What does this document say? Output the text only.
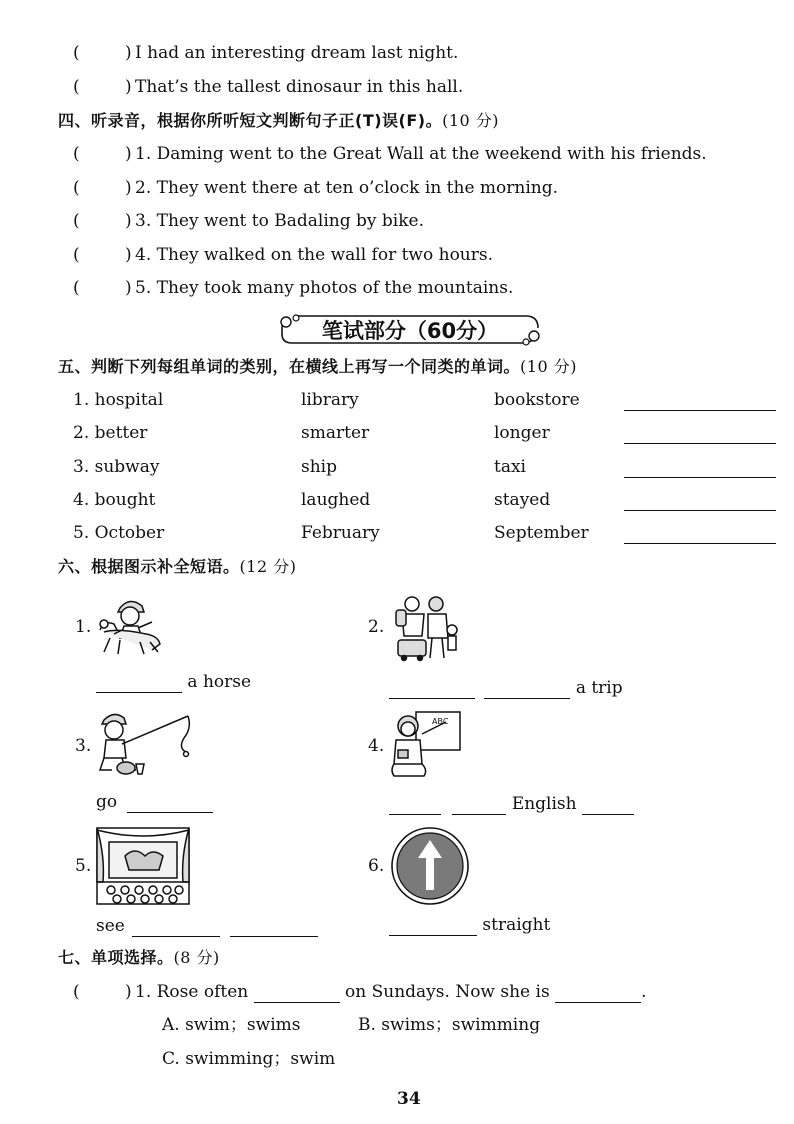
(	) I had an interesting dream last night.
(	) That’s the tallest dinosaur in this hall.
四、听录音，根据你所听短文判断句子正(T)误(F)。(10 分)
(	) 1. Daming went to the Great Wall at the weekend with his friends.
(	) 2. They went there at ten o’clock in the morning.
(	) 3. They went to Badaling by bike.
(	) 4. They walked on the wall for two hours.
(	) 5. They took many photos of the mountains.
笔试部分（60分）
五、判断下列每组单词的类别，在横线上再写一个同类的单词。(10 分)
1. hospital	library	bookstore
2. better	smarter	longer
3. subway	ship	taxi
4. bought	laughed	stayed
5. October	February	September
六、根据图示补全短语。(12 分)
1.
a horse
2.
a trip
3.
go
4.
ABC
English
5.
see
6.
straight
七、单项选择。(8 分)
(	) 1. Rose often	on Sundays. Now she is	.
A. swim；swims	B. swims；swimming
C. swimming；swim
34
